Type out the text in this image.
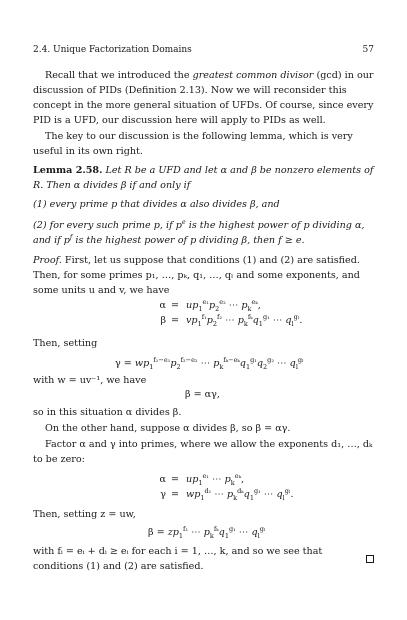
2.4. Unique Factorization Domains	57
Recall that we introduced the greatest common divisor (gcd) in our discussion of PIDs (Definition 2.13). Now we will reconsider this concept in the more general situation of UFDs. Of course, since every PID is a UFD, our discussion here will apply to PIDs as well.
The key to our discussion is the following lemma, which is very useful in its own right.
Lemma 2.58. Let R be a UFD and let α and β be nonzero elements of R. Then α divides β if and only if
(1) every prime p that divides α also divides β, and
(2) for every such prime p, if $p^e$ is the highest power of p dividing α, and if $p^f$ is the highest power of p dividing β, then f ≥ e.
Proof. First, let us suppose that conditions (1) and (2) are satisfied. Then, for some primes p₁, …, pₖ, q₁, …, qₗ and some exponents, and some units u and v, we have
$\alpha = up_1^{e_1}p_2^{e_2}$ ⋯ $p_k^{e_k}$,
$\beta = vp_1^{f_1}p_2^{f_2}$ ⋯ $p_k^{f_k}q_1^{g_1}$ ⋯ $q_l^{g_l}$.
Then, setting
$\gamma = wp_1^{f_1-e_1}p_2^{f_2-e_2}$ ⋯ $p_k^{f_k-e_k}q_1^{g_1}q_2^{g_2}$ ⋯ $q_l^{g_l}$
with w = uv⁻¹, we have
β = αγ,
so in this situation α divides β.
On the other hand, suppose α divides β, so β = αγ.
Factor α and γ into primes, where we allow the exponents d₁, …, dₖ to be zero:
$\alpha = up_1^{e_1}$ ⋯ $p_k^{e_k}$,
$\gamma = wp_1^{d_1}$ ⋯ $p_k^{d_k}q_1^{g_1}$ ⋯ $q_l^{g_l}$.
Then, setting z = uw,
$\beta = zp_1^{f_1}$ ⋯ $p_k^{f_k}q_1^{g_1}$ ⋯ $q_l^{g_l}$
with fᵢ = eᵢ + dᵢ ≥ eᵢ for each i = 1, …, k, and so we see that conditions (1) and (2) are satisfied.
